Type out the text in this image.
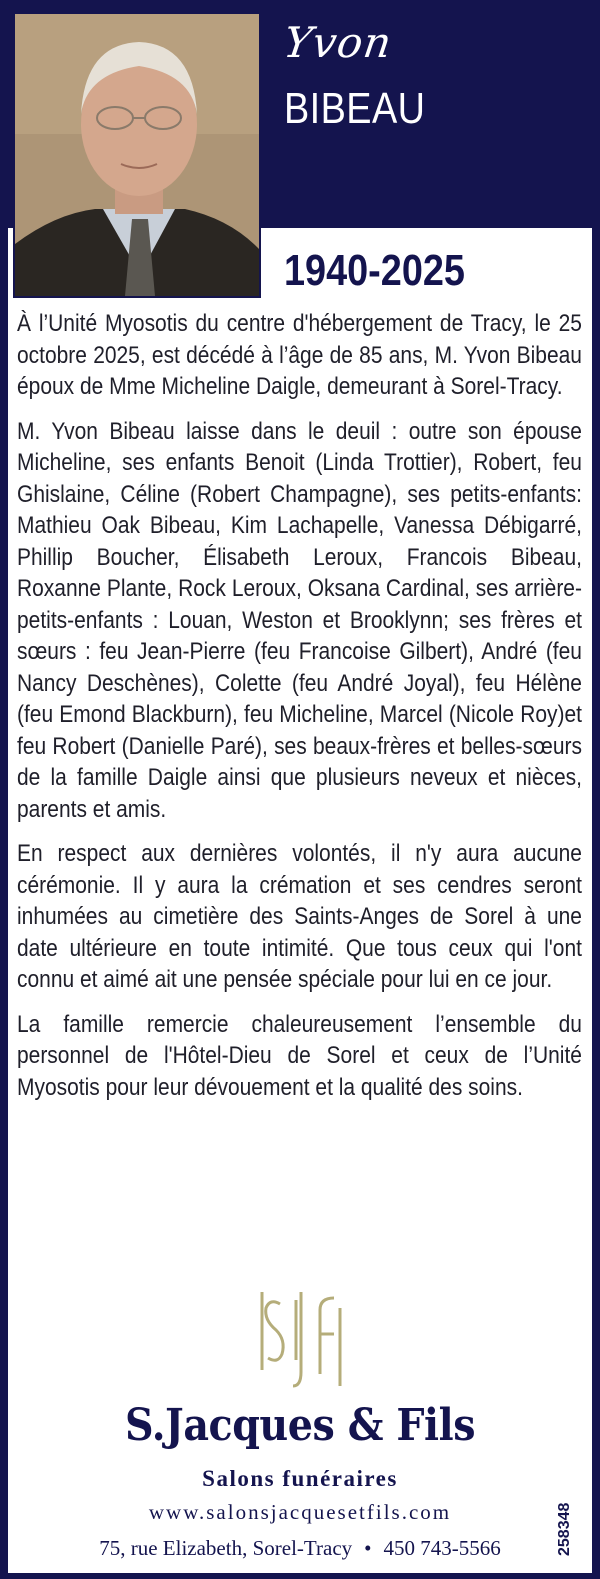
Yvon
BIBEAU
1940-2025

À l’Unité Myosotis du centre d'hébergement de Tracy, le 25 octobre 2025, est décédé à l’âge de 85 ans, M. Yvon Bibeau époux de Mme Micheline Daigle, demeurant à Sorel-Tracy.

M. Yvon Bibeau laisse dans le deuil : outre son épouse Micheline, ses enfants Benoit (Linda Trottier), Robert, feu Ghislaine, Céline (Robert Champagne), ses petits-enfants: Mathieu Oak Bibeau, Kim Lachapelle, Vanessa Débigarré, Phillip Boucher, Élisabeth Leroux, Francois Bibeau, Roxanne Plante, Rock Leroux, Oksana Cardinal, ses arrière-petits-enfants : Louan, Weston et Brooklynn; ses frères et sœurs : feu Jean-Pierre (feu Francoise Gilbert), André (feu Nancy Deschènes), Colette (feu André Joyal), feu Hélène (feu Emond Blackburn), feu Micheline, Marcel (Nicole Roy)et feu Robert (Danielle Paré), ses beaux-frères et belles-sœurs de la famille Daigle ainsi que plusieurs neveux et nièces, parents et amis.

En respect aux dernières volontés, il n'y aura aucune cérémonie. Il y aura la crémation et ses cendres seront inhumées au cimetière des Saints-Anges de Sorel à une date ultérieure en toute intimité. Que tous ceux qui l'ont connu et aimé ait une pensée spéciale pour lui en ce jour.

La famille remercie chaleureusement l’ensemble du personnel de l'Hôtel-Dieu de Sorel et ceux de l’Unité Myosotis pour leur dévouement et la qualité des soins.

S.Jacques & Fils
Salons funéraires
www.salonsjacquesetfils.com
75, rue Elizabeth, Sorel-Tracy • 450 743-5566	258348
